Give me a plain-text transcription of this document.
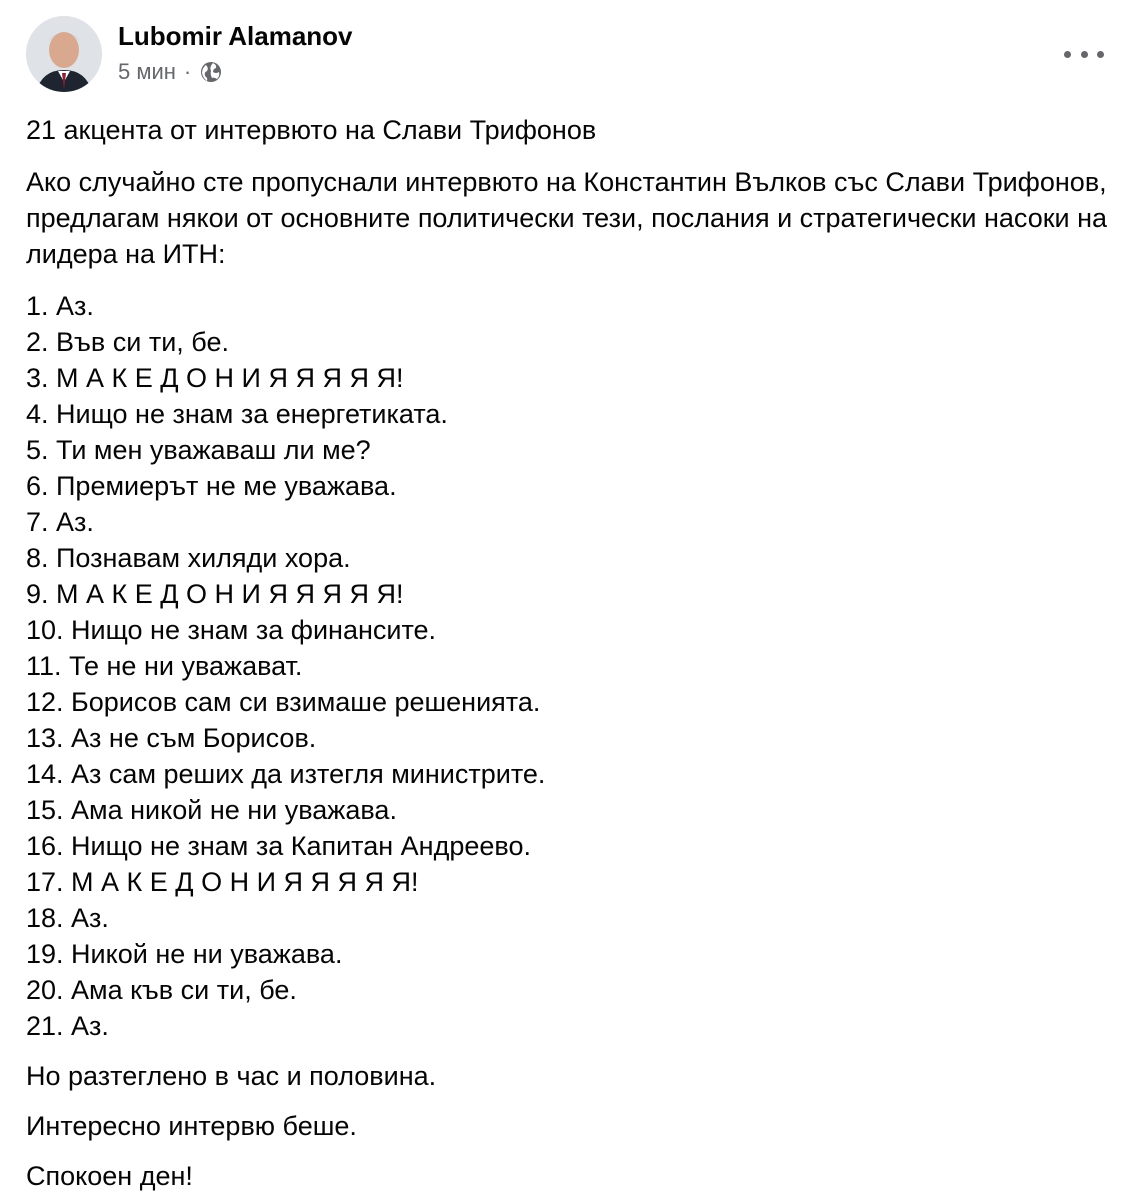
Lubomir Alamanov
5 мин ·

21 акцента от интервюто на Слави Трифонов

Ако случайно сте пропуснали интервюто на Константин Вълков със Слави Трифонов, предлагам някои от основните политически тези, послания и стратегически насоки на лидера на ИТН:

1. Аз.
2. Във си ти, бе.
3. М А К Е Д О Н И Я Я Я Я Я!
4. Нищо не знам за енергетиката.
5. Ти мен уважаваш ли ме?
6. Премиерът не ме уважава.
7. Аз.
8. Познавам хиляди хора.
9. М А К Е Д О Н И Я Я Я Я Я!
10. Нищо не знам за финансите.
11. Те не ни уважават.
12. Борисов сам си взимаше решенията.
13. Аз не съм Борисов.
14. Аз сам реших да изтегля министрите.
15. Ама никой не ни уважава.
16. Нищо не знам за Капитан Андреево.
17. М А К Е Д О Н И Я Я Я Я Я!
18. Аз.
19. Никой не ни уважава.
20. Ама къв си ти, бе.
21. Аз.

Но разтеглено в час и половина.

Интересно интервю беше.

Спокоен ден!
